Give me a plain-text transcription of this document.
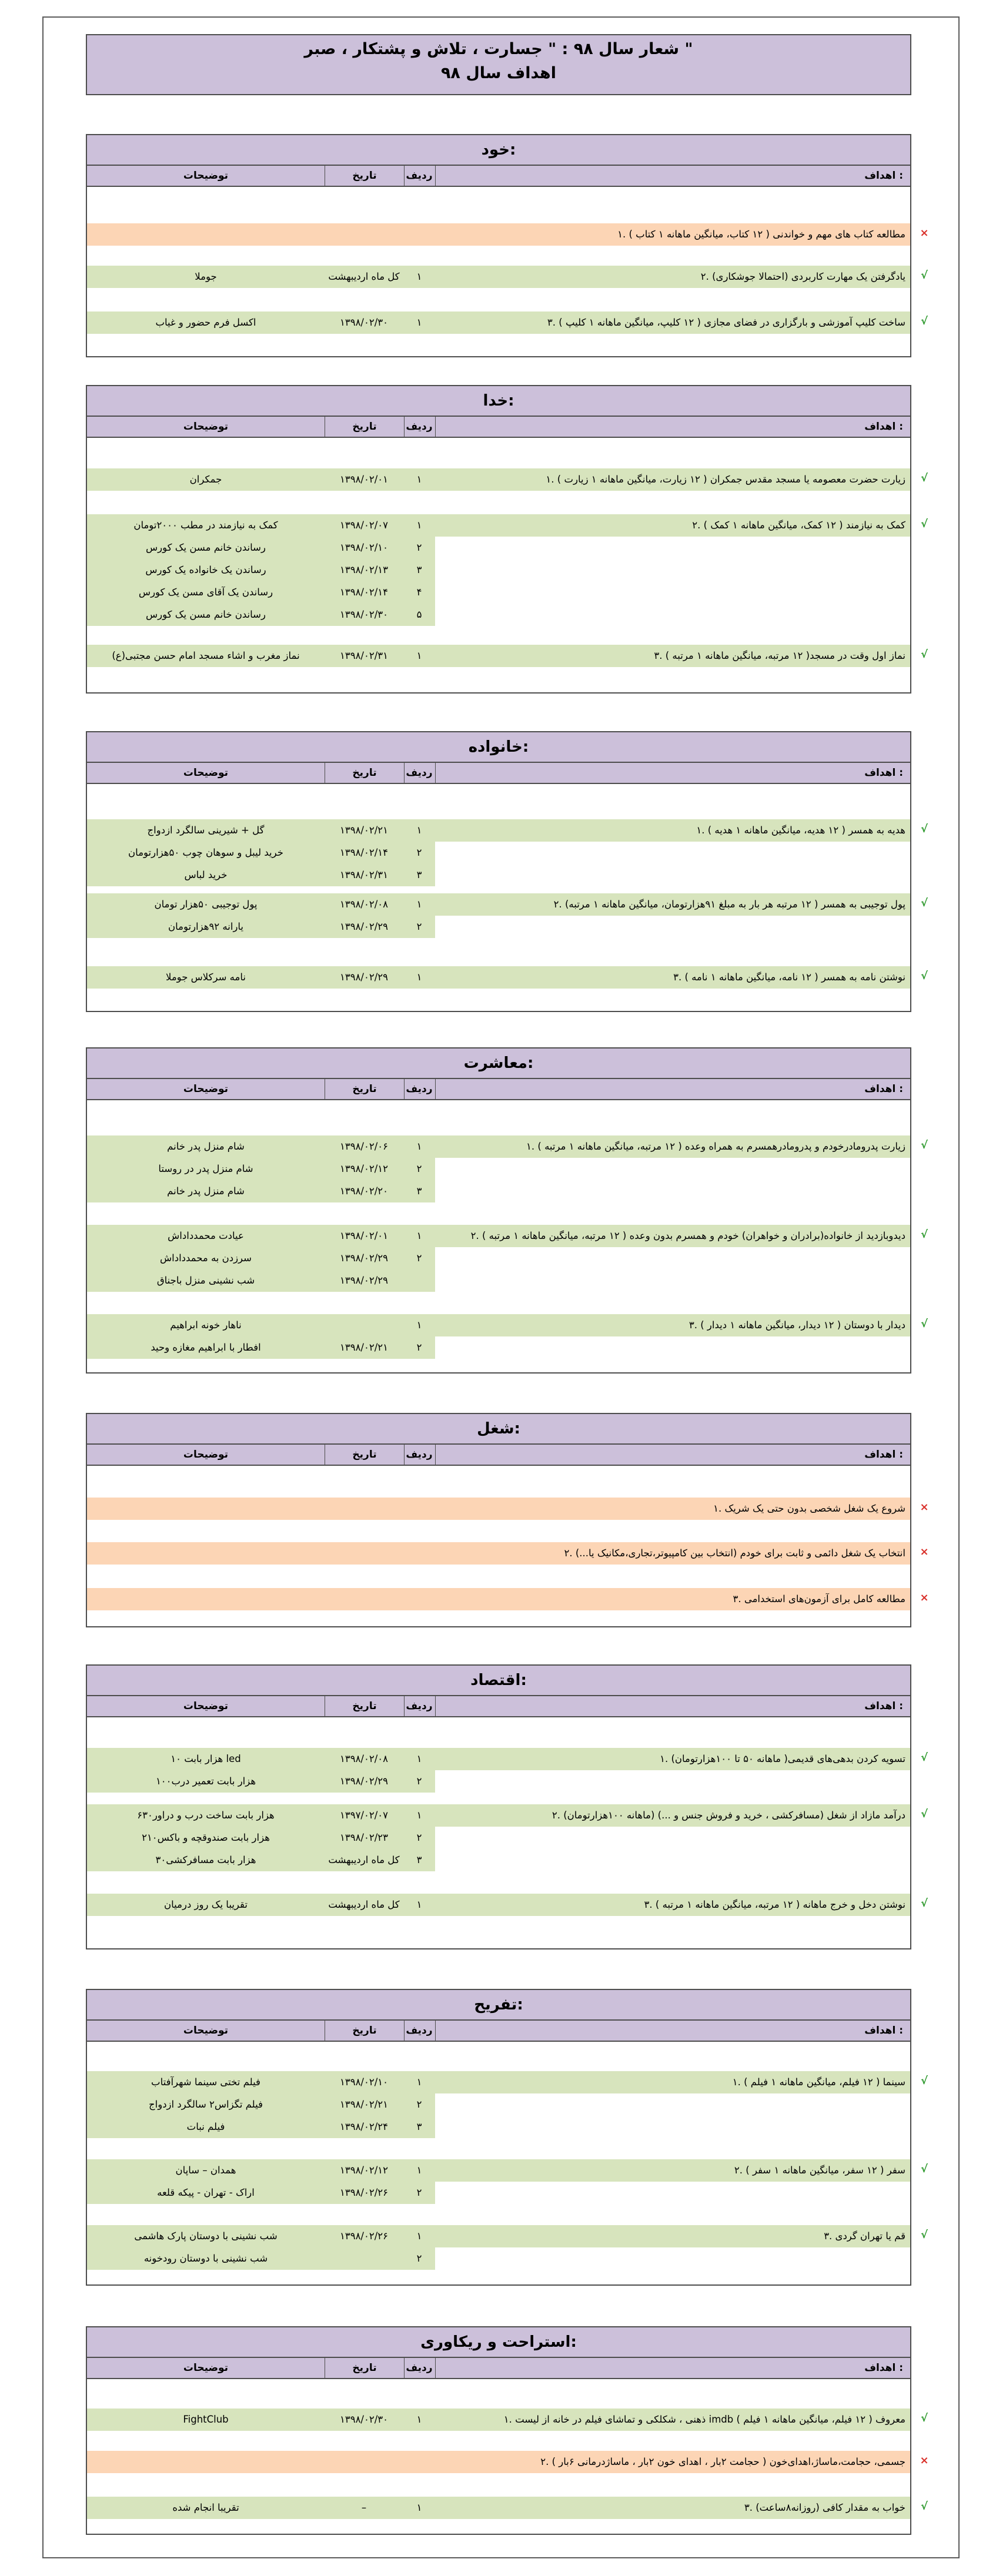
شعار سال ۹۸ : " جسارت ، تلاش و پشتکار ، صبر "
اهداف سال ۹۸
×
√
√
خود:
اهداف :
ردیف
تاریخ
توضیحات
۱. مطالعه کتاب های مهم و خواندنی ( ۱۲ کتاب، میانگین ماهانه ۱ کتاب )
۲. یادگرفتن یک مهارت کاربردی (احتمالا جوشکاری)
۱
کل ماه اردیبهشت
جوملا
۳. ساخت کلیپ آموزشی و بارگزاری در فضای مجازی ( ۱۲ کلیپ، میانگین ماهانه ۱ کلیپ )
۱
۱۳۹۸/۰۲/۳۰
اکسل فرم حضور و غیاب
√
√
√
خدا:
اهداف :
ردیف
تاریخ
توضیحات
۱. زیارت حضرت معصومه یا مسجد مقدس جمکران ( ۱۲ زیارت، میانگین ماهانه ۱ زیارت )
۱
۱۳۹۸/۰۲/۰۱
جمکران
۲. کمک به نیازمند ( ۱۲ کمک، میانگین ماهانه ۱ کمک )
۱
۱۳۹۸/۰۲/۰۷
کمک به نیازمند در مطب ۲۰۰۰تومان
۲
۱۳۹۸/۰۲/۱۰
رساندن خانم مسن یک کورس
۳
۱۳۹۸/۰۲/۱۳
رساندن یک خانواده یک کورس
۴
۱۳۹۸/۰۲/۱۴
رساندن یک آقای مسن یک کورس
۵
۱۳۹۸/۰۲/۳۰
رساندن خانم مسن یک کورس
۳. نماز اول وقت در مسجد( ۱۲ مرتبه، میانگین ماهانه ۱ مرتبه )
۱
۱۳۹۸/۰۲/۳۱
نماز مغرب و اشاء مسجد امام حسن مجتبی(ع)
√
√
√
خانواده:
اهداف :
ردیف
تاریخ
توضیحات
۱. هدیه به همسر ( ۱۲ هدیه، میانگین ماهانه ۱ هدیه )
۱
۱۳۹۸/۰۲/۲۱
گل + شیرینی سالگرد ازدواج
۲
۱۳۹۸/۰۲/۱۴
خرید لیبل و سوهان چوب ۵۰هزارتومان
۳
۱۳۹۸/۰۲/۳۱
خرید لباس
۲. پول توجیبی به همسر ( ۱۲ مرتبه هر بار به مبلغ ۹۱هزارتومان، میانگین ماهانه ۱ مرتبه)
۱
۱۳۹۸/۰۲/۰۸
پول توجیبی ۵۰هزار تومان
۲
۱۳۹۸/۰۲/۲۹
یارانه ۹۲هزارتومان
۳. نوشتن نامه به همسر ( ۱۲ نامه، میانگین ماهانه ۱ نامه )
۱
۱۳۹۸/۰۲/۲۹
نامه سرکلاس جوملا
√
√
√
معاشرت:
اهداف :
ردیف
تاریخ
توضیحات
۱. زیارت پدرومادرخودم و پدرومادرهمسرم به همراه وعده ( ۱۲ مرتبه، میانگین ماهانه ۱ مرتبه )
۱
۱۳۹۸/۰۲/۰۶
شام منزل پدر خانم
۲
۱۳۹۸/۰۲/۱۲
شام منزل پدر در روستا
۳
۱۳۹۸/۰۲/۲۰
شام منزل پدر خانم
۲. دیدوبازدید از خانواده(برادران و خواهران) خودم و همسرم بدون وعده ( ۱۲ مرتبه، میانگین ماهانه ۱ مرتبه )
۱
۱۳۹۸/۰۲/۰۱
عیادت محمدداداش
۲
۱۳۹۸/۰۲/۲۹
سرزدن به محمدداداش
۱۳۹۸/۰۲/۲۹
شب نشینی منزل باجناق
۳. دیدار با دوستان ( ۱۲ دیدار، میانگین ماهانه ۱ دیدار )
۱
ناهار خونه ابراهیم
۲
۱۳۹۸/۰۲/۲۱
افطار با ابراهیم مغازه وحید
×
×
×
شغل:
اهداف :
ردیف
تاریخ
توضیحات
۱. شروع یک شغل شخصی بدون حتی یک شریک
۲. انتخاب یک شغل دائمی و ثابت برای خودم (انتخاب بین کامپیوتر،تجاری،مکانیک یا...)
۳. مطالعه کامل برای آزمون‌های استخدامی
√
√
√
اقتصاد:
اهداف :
ردیف
تاریخ
توضیحات
۱. تسویه کردن بدهی‌های قدیمی( ماهانه ۵۰ تا ۱۰۰هزارتومان)
۱
۱۳۹۸/۰۲/۰۸
۱۰ هزار بابت led
۲
۱۳۹۸/۰۲/۲۹
۱۰۰هزار بابت تعمیر درب
۲. درآمد مازاد از شغل (مسافرکشی ، خرید و فروش جنس و ...) (ماهانه ۱۰۰هزارتومان)
۱
۱۳۹۷/۰۲/۰۷
۶۳۰هزار بابت ساخت درب و دراور
۲
۱۳۹۸/۰۲/۲۳
۲۱۰هزار بابت صندوقچه و باکس
۳
کل ماه اردیبهشت
۳۰هزار بابت مسافرکشی
۳. نوشتن دخل و خرج ماهانه ( ۱۲ مرتبه، میانگین ماهانه ۱ مرتبه )
۱
کل ماه اردیبهشت
تقریبا یک روز درمیان
√
√
√
تفریح:
اهداف :
ردیف
تاریخ
توضیحات
۱. سینما ( ۱۲ فیلم، میانگین ماهانه ۱ فیلم )
۱
۱۳۹۸/۰۲/۱۰
فیلم تختی سینما شهرآفتاب
۲
۱۳۹۸/۰۲/۲۱
فیلم تگزاس۲ سالگرد ازدواج
۳
۱۳۹۸/۰۲/۲۴
فیلم نبات
۲. سفر ( ۱۲ سفر، میانگین ماهانه ۱ سفر )
۱
۱۳۹۸/۰۲/۱۲
همدان – ساپان
۲
۱۳۹۸/۰۲/۲۶
اراک - تهران - پیکه قلعه
۳. قم یا تهران گردی
۱
۱۳۹۸/۰۲/۲۶
شب نشینی با دوستان پارک هاشمی
۲
شب نشینی با دوستان رودخونه
√
×
√
استراحت و ریکاوری:
اهداف :
ردیف
تاریخ
توضیحات
۱. ذهنی ، شکلکی و تماشای فیلم در خانه از لیست imdb معروف ( ۱۲ فیلم، میانگین ماهانه ۱ فیلم )
۱
۱۳۹۸/۰۲/۳۰
FightClub
۲. جسمی، حجامت،ماساژ،اهدای‌خون ( حجامت ۲بار ، اهدای خون ۲بار ، ماساژدرمانی ۶بار )
۳. خواب به مقدار کافی (روزانه۸ساعت)
۱
–
تقریبا انجام شده
